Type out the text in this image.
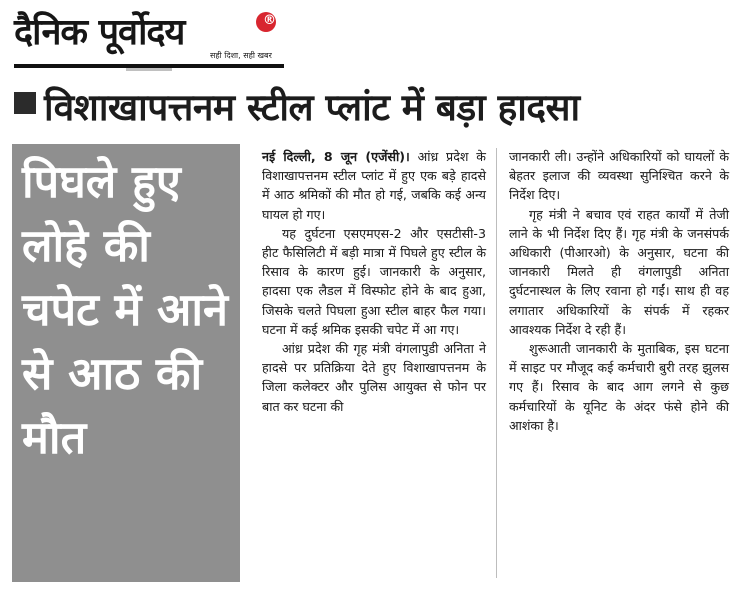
दैनिक पूर्वोदय	®
सही दिशा, सही खबर
विशाखापत्तनम स्टील प्लांट में बड़ा हादसा
पिघले हुए लोहे की चपेट में आने से आठ की मौत

नई दिल्ली, 8 जून (एजेंसी)। आंध्र प्रदेश के विशाखापत्तनम स्टील प्लांट में हुए एक बड़े हादसे में आठ श्रमिकों की मौत हो गई, जबकि कई अन्य घायल हो गए।

यह दुर्घटना एसएमएस-2 और एसटीसी-3 हीट फैसिलिटी में बड़ी मात्रा में पिघले हुए स्टील के रिसाव के कारण हुई। जानकारी के अनुसार, हादसा एक लैडल में विस्फोट होने के बाद हुआ, जिसके चलते पिघला हुआ स्टील बाहर फैल गया। घटना में कई श्रमिक इसकी चपेट में आ गए।

आंध्र प्रदेश की गृह मंत्री वंगलापुडी अनिता ने हादसे पर प्रतिक्रिया देते हुए विशाखापत्तनम के जिला कलेक्टर और पुलिस आयुक्त से फोन पर बात कर घटना की

जानकारी ली। उन्होंने अधिकारियों को घायलों के बेहतर इलाज की व्यवस्था सुनिश्चित करने के निर्देश दिए।

गृह मंत्री ने बचाव एवं राहत कार्यों में तेजी लाने के भी निर्देश दिए हैं। गृह मंत्री के जनसंपर्क अधिकारी (पीआरओ) के अनुसार, घटना की जानकारी मिलते ही वंगलापुडी अनिता दुर्घटनास्थल के लिए रवाना हो गईं। साथ ही वह लगातार अधिकारियों के संपर्क में रहकर आवश्यक निर्देश दे रही हैं।

शुरूआती जानकारी के मुताबिक, इस घटना में साइट पर मौजूद कई कर्मचारी बुरी तरह झुलस गए हैं। रिसाव के बाद आग लगने से कुछ कर्मचारियों के यूनिट के अंदर फंसे होने की आशंका है।
